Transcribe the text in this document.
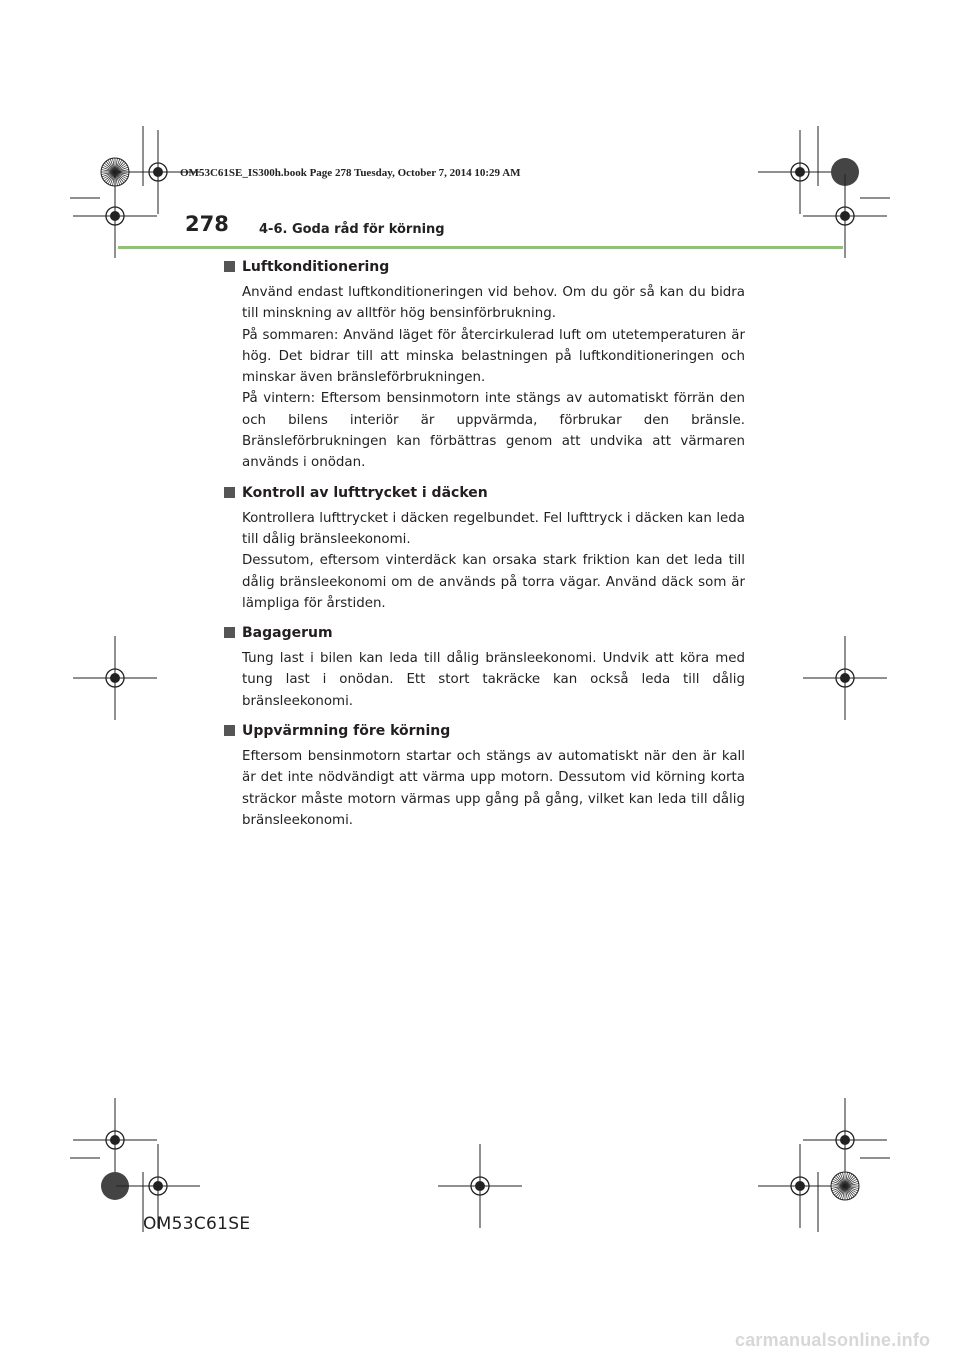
OM53C61SE_IS300h.book Page 278 Tuesday, October 7, 2014 10:29 AM
278 4-6. Goda råd för körning
Luftkonditionering

Använd endast luftkonditioneringen vid behov. Om du gör så kan du bidra till minskning av alltför hög bensinförbrukning.

På sommaren: Använd läget för återcirkulerad luft om utetemperaturen är hög. Det bidrar till att minska belastningen på luftkonditioneringen och minskar även bränsleförbrukningen.

På vintern: Eftersom bensinmotorn inte stängs av automatiskt förrän den och bilens interiör är uppvärmda, förbrukar den bränsle. Bränsleförbrukningen kan förbättras genom att undvika att värmaren används i onödan.

Kontroll av lufttrycket i däcken

Kontrollera lufttrycket i däcken regelbundet. Fel lufttryck i däcken kan leda till dålig bränsleekonomi.

Dessutom, eftersom vinterdäck kan orsaka stark friktion kan det leda till dålig bränsleekonomi om de används på torra vägar. Använd däck som är lämpliga för årstiden.

Bagagerum

Tung last i bilen kan leda till dålig bränsleekonomi. Undvik att köra med tung last i onödan. Ett stort takräcke kan också leda till dålig bränsleekonomi.

Uppvärmning före körning

Eftersom bensinmotorn startar och stängs av automatiskt när den är kall är det inte nödvändigt att värma upp motorn. Dessutom vid körning korta sträckor måste motorn värmas upp gång på gång, vilket kan leda till dålig bränsleekonomi.

OM53C61SE
carmanualsonline.info
